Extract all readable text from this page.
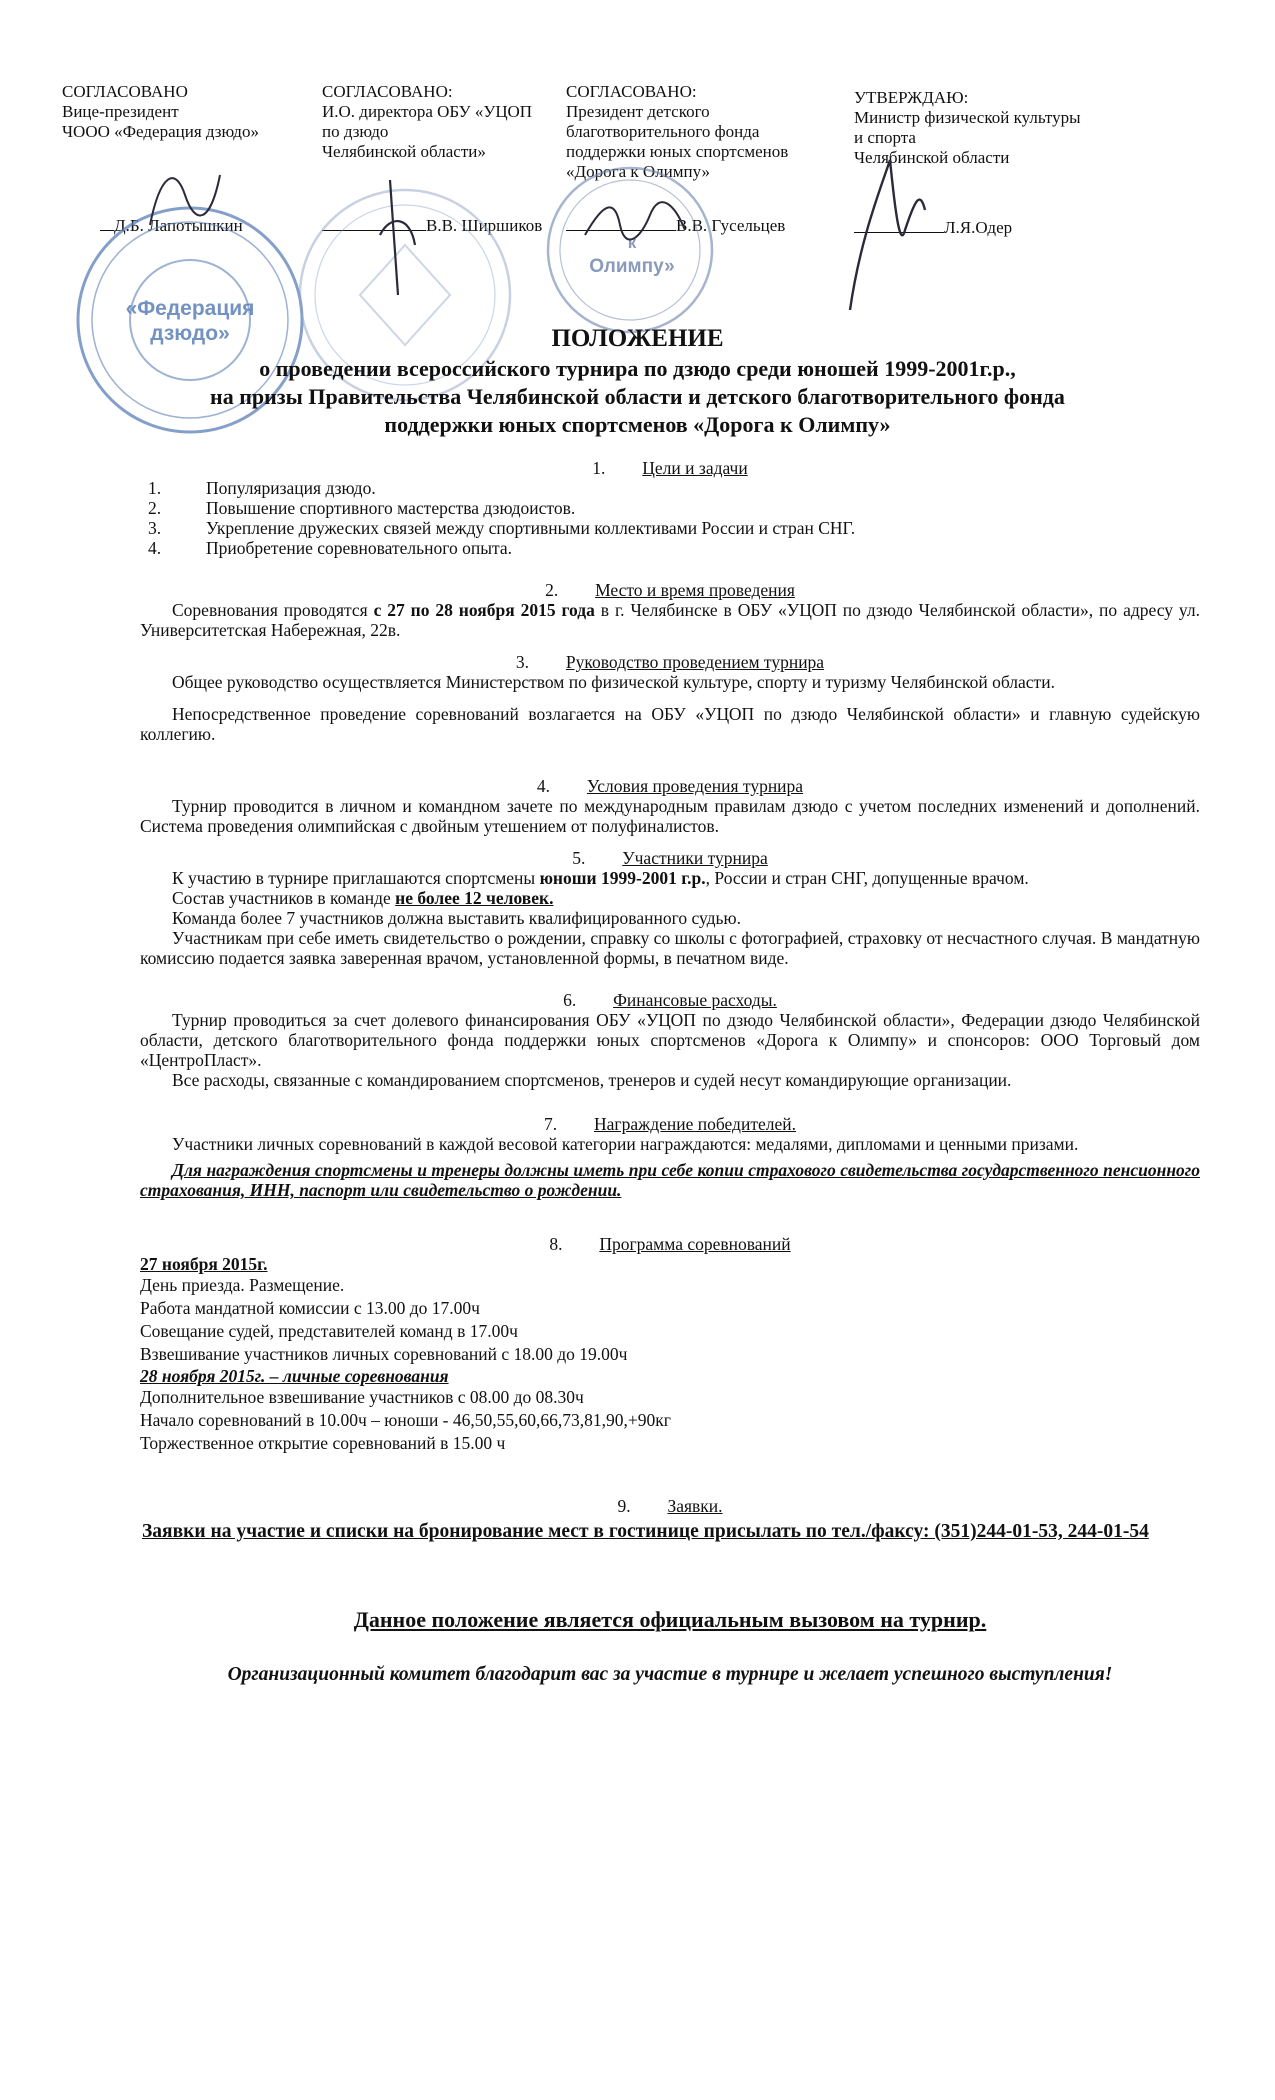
СОГЛАСОВАНО
Вице-президент
ЧООО «Федерация дзюдо»
Д.Б. Лапотышкин
СОГЛАСОВАНО:
И.О. директора ОБУ «УЦОП
по дзюдо
Челябинской области»
В.В. Ширшиков
СОГЛАСОВАНО:
Президент детского
благотворительного фонда
поддержки юных спортсменов
«Дорога к Олимпу»
В.В. Гусельцев
УТВЕРЖДАЮ:
Министр физической культуры
и спорта
Челябинской области
Л.Я.Одер
«Федерация
дзюдо»
к
Олимпу»
ПОЛОЖЕНИЕ
о проведении всероссийского турнира по дзюдо среди юношей 1999-2001г.р.,
на призы Правительства Челябинской области и детского благотворительного фонда
поддержки юных спортсменов «Дорога к Олимпу»
1. Цели и задачи
1.	Популяризация дзюдо.
2.	Повышение спортивного мастерства дзюдоистов.
3.	Укрепление дружеских связей между спортивными коллективами России и стран СНГ.
4.	Приобретение соревновательного опыта.
2. Место и время проведения
Соревнования проводятся с 27 по 28 ноября 2015 года в г. Челябинске в ОБУ «УЦОП по дзюдо Челябинской области», по адресу ул. Университетская Набережная, 22в.
3. Руководство проведением турнира
Общее руководство осуществляется Министерством по физической культуре, спорту и туризму Челябинской области.
Непосредственное проведение соревнований возлагается на ОБУ «УЦОП по дзюдо Челябинской области» и главную судейскую коллегию.
4. Условия проведения турнира
Турнир проводится в личном и командном зачете по международным правилам дзюдо с учетом последних изменений и дополнений. Система проведения олимпийская с двойным утешением от полуфиналистов.
5. Участники турнира
К участию в турнире приглашаются спортсмены юноши 1999-2001 г.р., России и стран СНГ, допущенные врачом.
Состав участников в команде не более 12 человек.
Команда более 7 участников должна выставить квалифицированного судью.
Участникам при себе иметь свидетельство о рождении, справку со школы с фотографией, страховку от несчастного случая. В мандатную комиссию подается заявка заверенная врачом, установленной формы, в печатном виде.
6. Финансовые расходы.
Турнир проводиться за счет долевого финансирования ОБУ «УЦОП по дзюдо Челябинской области», Федерации дзюдо Челябинской области, детского благотворительного фонда поддержки юных спортсменов «Дорога к Олимпу» и спонсоров: ООО Торговый дом «ЦентроПласт».
Все расходы, связанные с командированием спортсменов, тренеров и судей несут командирующие организации.
7. Награждение победителей.
Участники личных соревнований в каждой весовой категории награждаются: медалями, дипломами и ценными призами.
Для награждения спортсмены и тренеры должны иметь при себе копии страхового свидетельства государственного пенсионного страхования, ИНН, паспорт или свидетельство о рождении.
8. Программа соревнований
27 ноября 2015г.
День приезда. Размещение.
Работа мандатной комиссии с 13.00 до 17.00ч
Совещание судей, представителей команд в 17.00ч
Взвешивание участников личных соревнований с 18.00 до 19.00ч
28 ноября 2015г. – личные соревнования
Дополнительное взвешивание участников с 08.00 до 08.30ч
Начало соревнований в 10.00ч – юноши - 46,50,55,60,66,73,81,90,+90кг
Торжественное открытие соревнований в 15.00 ч
9. Заявки.
Заявки на участие и списки на бронирование мест в гостинице присылать по тел./факсу: (351)244-01-53, 244-01-54
Данное положение является официальным вызовом на турнир.
Организационный комитет благодарит вас за участие в турнире и желает успешного выступления!
